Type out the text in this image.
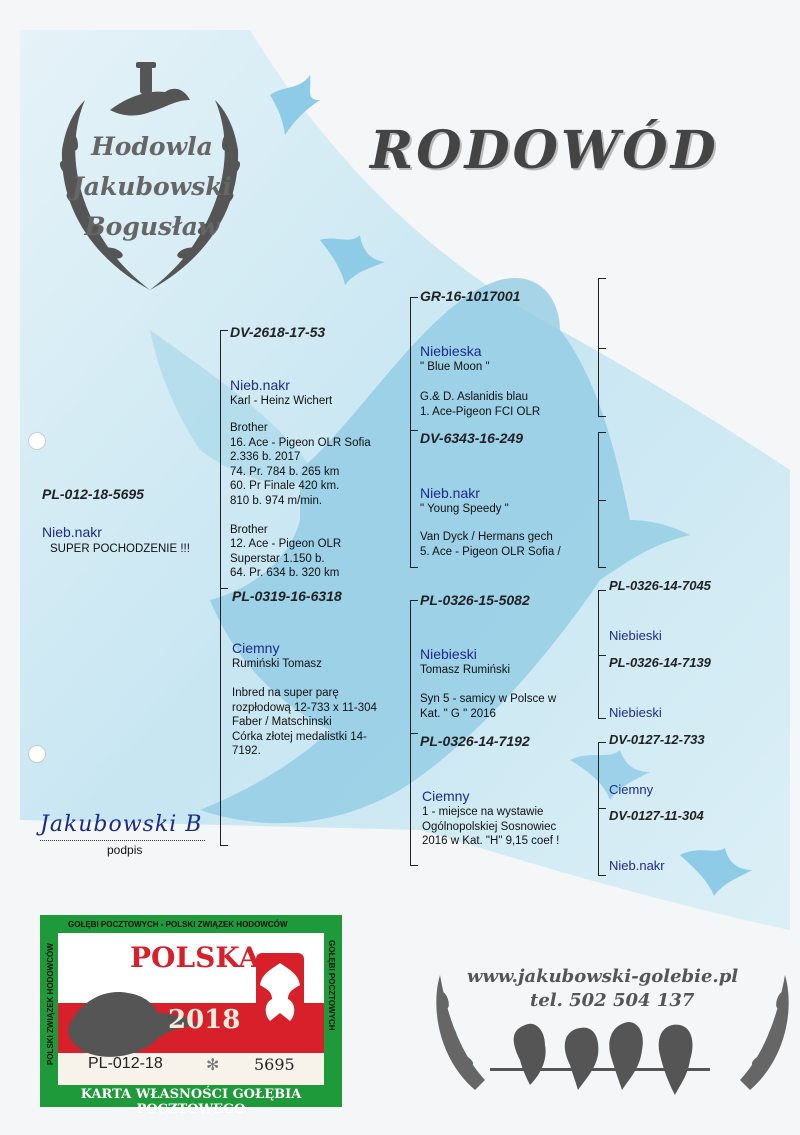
Hodowla
Jakubowski
Bogusław
RODOWÓD
PL-012-18-5695
Nieb.nakr
SUPER POCHODZENIE !!!
DV-2618-17-53
Nieb.nakr
Karl - Heinz Wichert
Brother
16. Ace - Pigeon OLR Sofia
2.336 b. 2017
74. Pr. 784 b. 265 km
60. Pr Finale 420 km.
810 b. 974 m/min.

Brother
12. Ace - Pigeon OLR
Superstar 1.150 b.
64. Pr. 634 b. 320 km
PL-0319-16-6318
Ciemny
Rumiński Tomasz
Inbred na super parę
rozpłodową 12-733 x 11-304
Faber / Matschinski
Córka złotej medalistki 14-
7192.
GR-16-1017001
Niebieska
" Blue Moon "
G.& D. Aslanidis blau
1. Ace-Pigeon FCI OLR
DV-6343-16-249
Nieb.nakr
" Young Speedy "
Van Dyck / Hermans gech
5. Ace - Pigeon OLR Sofia /
PL-0326-15-5082
Niebieski
Tomasz Rumiński
Syn 5 - samicy w Polsce w
Kat. " G " 2016
PL-0326-14-7192
Ciemny
1 - miejsce na wystawie
Ogólnopolskiej Sosnowiec
2016 w Kat. "H" 9,15 coef !
PL-0326-14-7045
Niebieski
PL-0326-14-7139
Niebieski
DV-0127-12-733
Ciemny
DV-0127-11-304
Nieb.nakr
Jakubowski B
podpis
www.jakubowski-golebie.pl
tel. 502 504 137
GOŁĘBI POCZTOWYCH - POLSKI ZWIĄZEK HODOWCÓW
POLSKI ZWIĄZEK HODOWCÓW	GOŁĘBI POCZTOWYCH
POLSKA
2018
PL-012-18	✻ 5695
KARTA WŁASNOŚCI GOŁĘBIA POCZTOWEGO
